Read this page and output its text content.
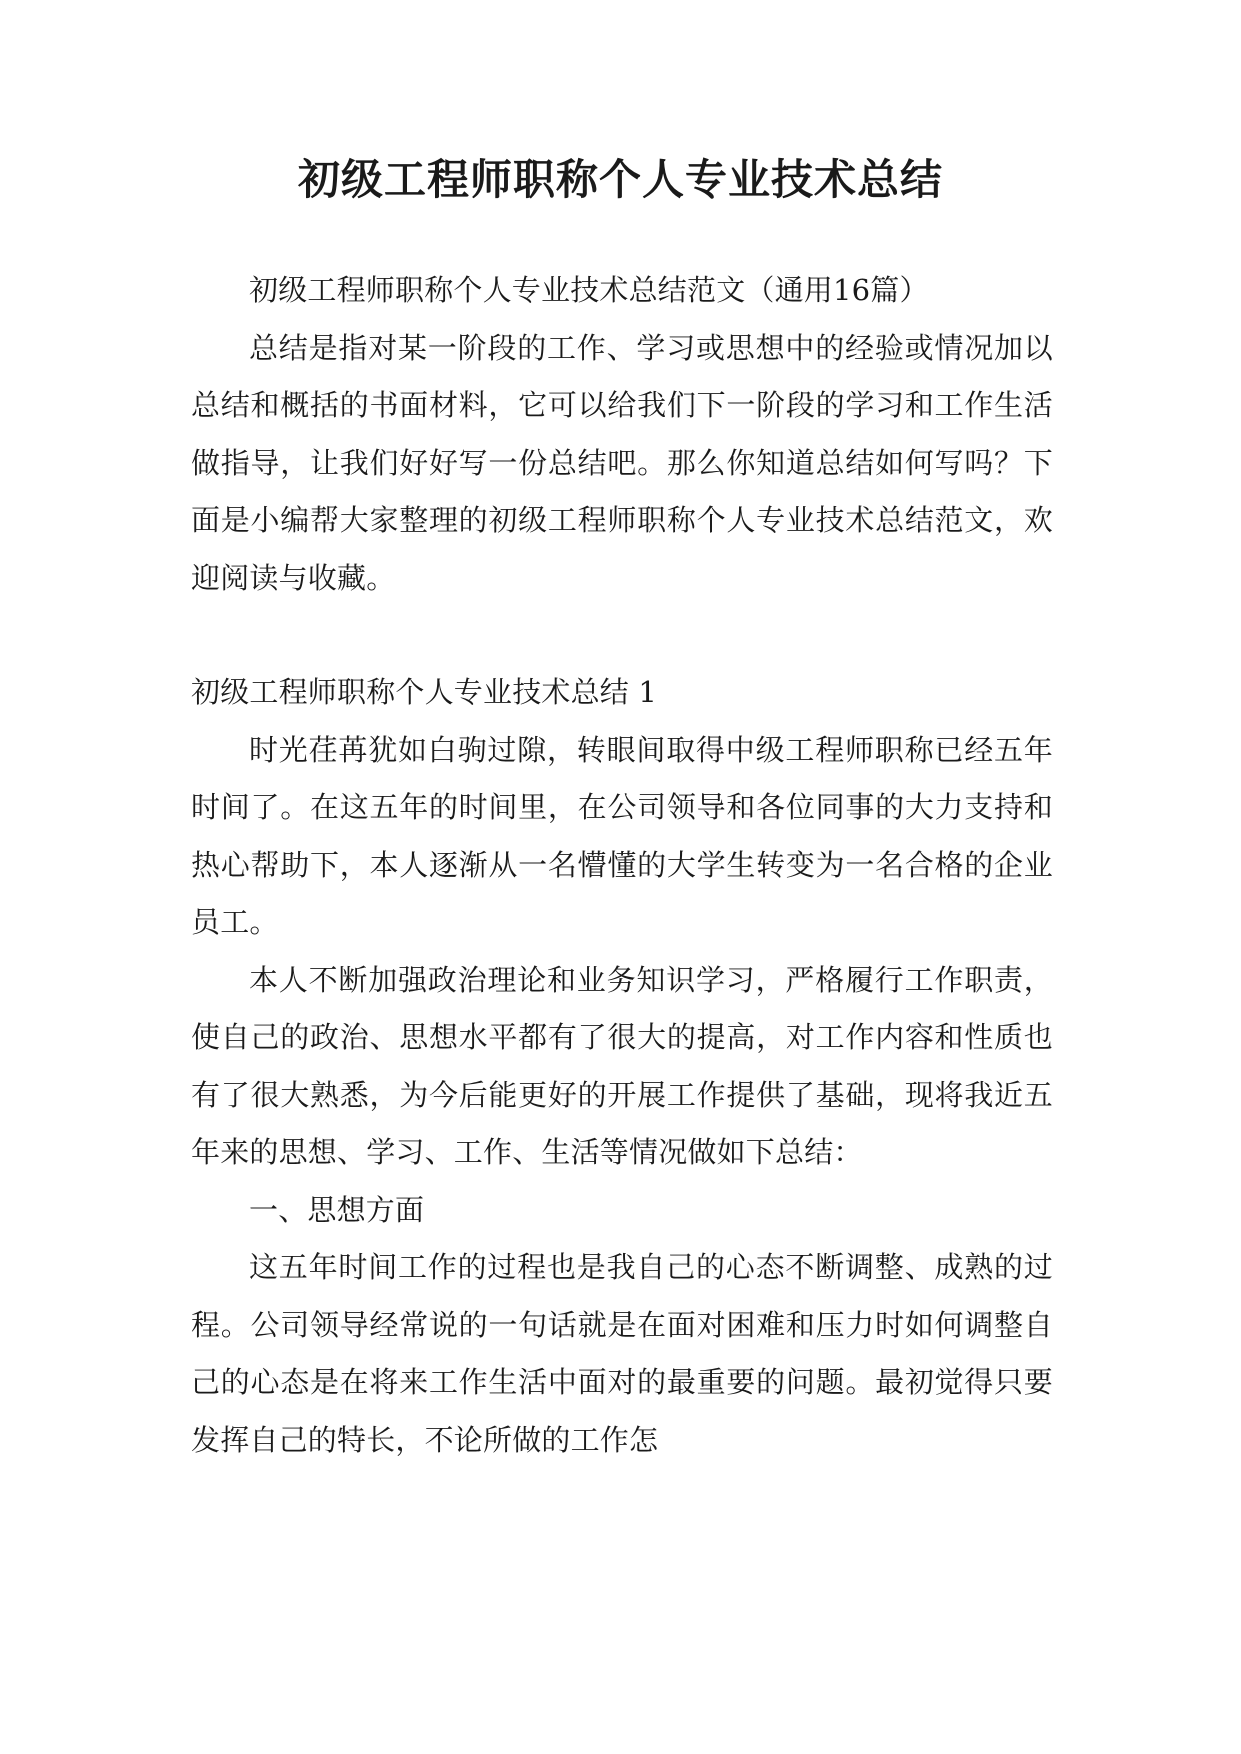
初级工程师职称个人专业技术总结

初级工程师职称个人专业技术总结范文（通用16篇）

总结是指对某一阶段的工作、学习或思想中的经验或情况加以总结和概括的书面材料，它可以给我们下一阶段的学习和工作生活做指导，让我们好好写一份总结吧。那么你知道总结如何写吗？下面是小编帮大家整理的初级工程师职称个人专业技术总结范文，欢迎阅读与收藏。

初级工程师职称个人专业技术总结 1

时光荏苒犹如白驹过隙，转眼间取得中级工程师职称已经五年时间了。在这五年的时间里，在公司领导和各位同事的大力支持和热心帮助下，本人逐渐从一名懵懂的大学生转变为一名合格的企业员工。

本人不断加强政治理论和业务知识学习，严格履行工作职责，使自己的政治、思想水平都有了很大的提高，对工作内容和性质也有了很大熟悉，为今后能更好的开展工作提供了基础，现将我近五年来的思想、学习、工作、生活等情况做如下总结：

一、思想方面

这五年时间工作的过程也是我自己的心态不断调整、成熟的过程。公司领导经常说的一句话就是在面对困难和压力时如何调整自己的心态是在将来工作生活中面对的最重要的问题。最初觉得只要发挥自己的特长，不论所做的工作怎
